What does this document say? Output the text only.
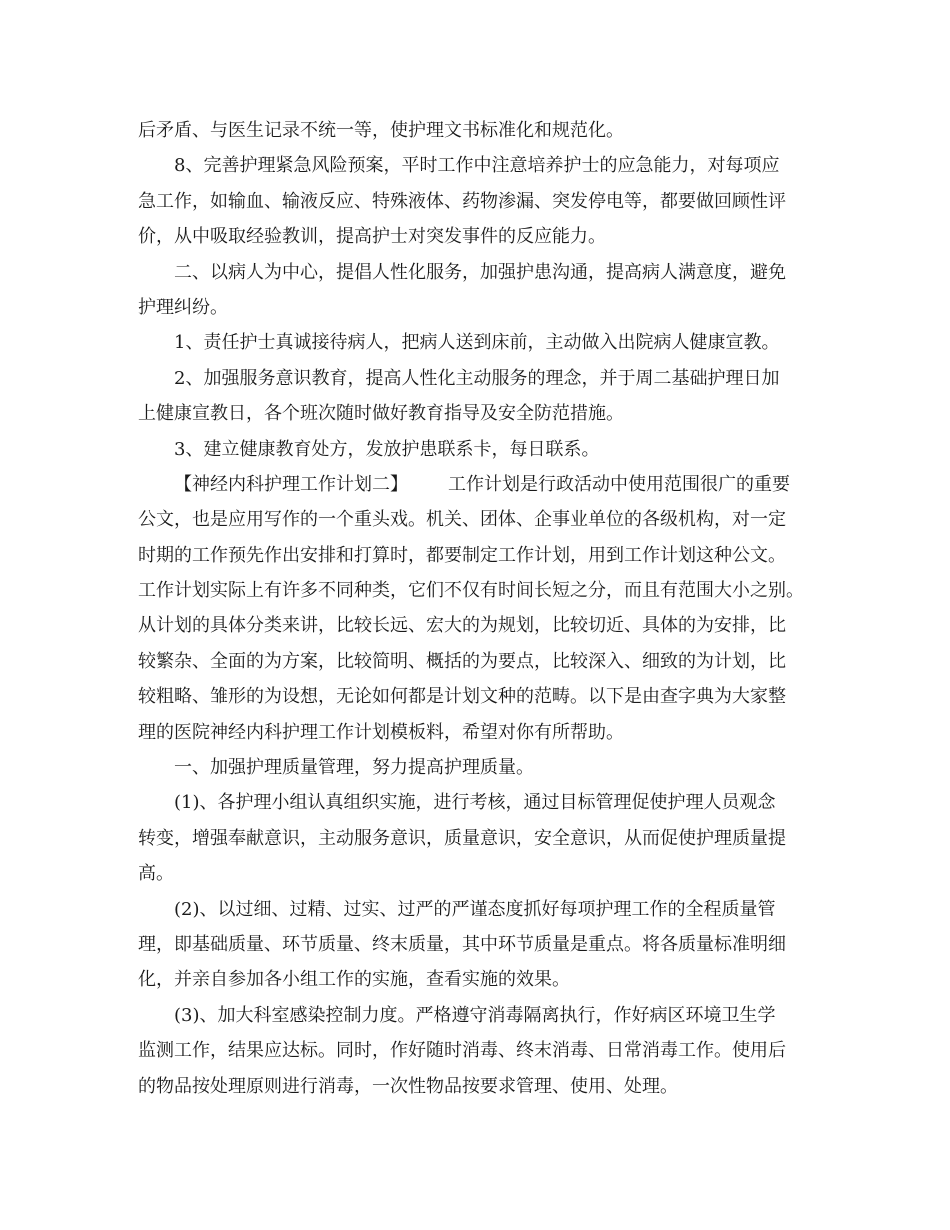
后矛盾、与医生记录不统一等，使护理文书标准化和规范化。
8、完善护理紧急风险预案，平时工作中注意培养护士的应急能力，对每项应
急工作，如输血、输液反应、特殊液体、药物渗漏、突发停电等，都要做回顾性评
价，从中吸取经验教训，提高护士对突发事件的反应能力。
二、以病人为中心，提倡人性化服务，加强护患沟通，提高病人满意度，避免
护理纠纷。
1、责任护士真诚接待病人，把病人送到床前，主动做入出院病人健康宣教。
2、加强服务意识教育，提高人性化主动服务的理念，并于周二基础护理日加
上健康宣教日，各个班次随时做好教育指导及安全防范措施。
3、建立健康教育处方，发放护患联系卡，每日联系。
【神经内科护理工作计划二】 工作计划是行政活动中使用范围很广的重要
公文，也是应用写作的一个重头戏。机关、团体、企事业单位的各级机构，对一定
时期的工作预先作出安排和打算时，都要制定工作计划，用到工作计划这种公文。
工作计划实际上有许多不同种类，它们不仅有时间长短之分，而且有范围大小之别。
从计划的具体分类来讲，比较长远、宏大的为规划，比较切近、具体的为安排，比
较繁杂、全面的为方案，比较简明、概括的为要点，比较深入、细致的为计划，比
较粗略、雏形的为设想，无论如何都是计划文种的范畴。以下是由查字典为大家整
理的医院神经内科护理工作计划模板料，希望对你有所帮助。
一、加强护理质量管理，努力提高护理质量。
(1)、各护理小组认真组织实施，进行考核，通过目标管理促使护理人员观念
转变，增强奉献意识，主动服务意识，质量意识，安全意识，从而促使护理质量提
高。
(2)、以过细、过精、过实、过严的严谨态度抓好每项护理工作的全程质量管
理，即基础质量、环节质量、终末质量，其中环节质量是重点。将各质量标准明细
化，并亲自参加各小组工作的实施，查看实施的效果。
(3)、加大科室感染控制力度。严格遵守消毒隔离执行，作好病区环境卫生学
监测工作，结果应达标。同时，作好随时消毒、终末消毒、日常消毒工作。使用后
的物品按处理原则进行消毒，一次性物品按要求管理、使用、处理。
